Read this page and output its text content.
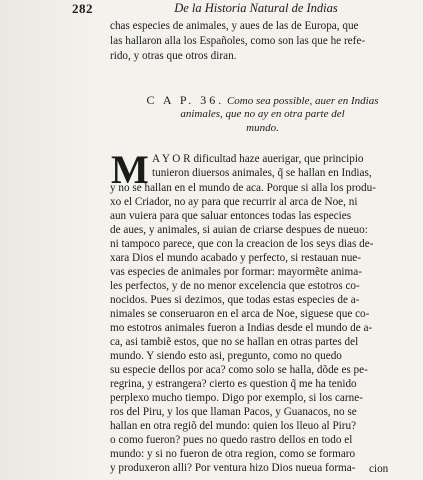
282	De la Historia Natural de Indias
chas especies de animales, y aues de las de Europa, que
las hallaron alla los Españoles, como son las que he refe-
rido, y otras que otros diran.
C A P. 36. Como sea possible, auer en Indias
animales, que no ay en otra parte del
mundo.
M A Y O R dificultad haze auerigar, que principio
tunieron diuersos animales, q̃ se hallan en Indias,
y no se hallan en el mundo de aca. Porque si alla los produ-
xo el Criador, no ay para que recurrir al arca de Noe, ni
aun vuiera para que saluar entonces todas las especies
de aues, y animales, si auian de criarse despues de nueuo:
ni tampoco parece, que con la creacion de los seys dias de-
xara Dios el mundo acabado y perfecto, si restauan nue-
vas especies de animales por formar: mayormẽte anima-
les perfectos, y de no menor excelencia que estotros co-
nocidos. Pues si dezimos, que todas estas especies de a-
nimales se conseruaron en el arca de Noe, siguese que co-
mo estotros animales fueron a Indias desde el mundo de a-
ca, asi tambiẽ estos, que no se hallan en otras partes del
mundo. Y siendo esto asi, pregunto, como no quedo
su especie dellos por aca? como solo se halla, dõde es pe-
regrina, y estrangera? cierto es question q̃ me ha tenido
perplexo mucho tiempo. Digo por exemplo, si los carne-
ros del Piru, y los que llaman Pacos, y Guanacos, no se
hallan en otra regiõ del mundo: quien los lleuo al Piru?
o como fueron? pues no quedo rastro dellos en todo el
mundo: y si no fueron de otra region, como se formaro
y produxeron alli? Por ventura hizo Dios nueua forma-	cion
